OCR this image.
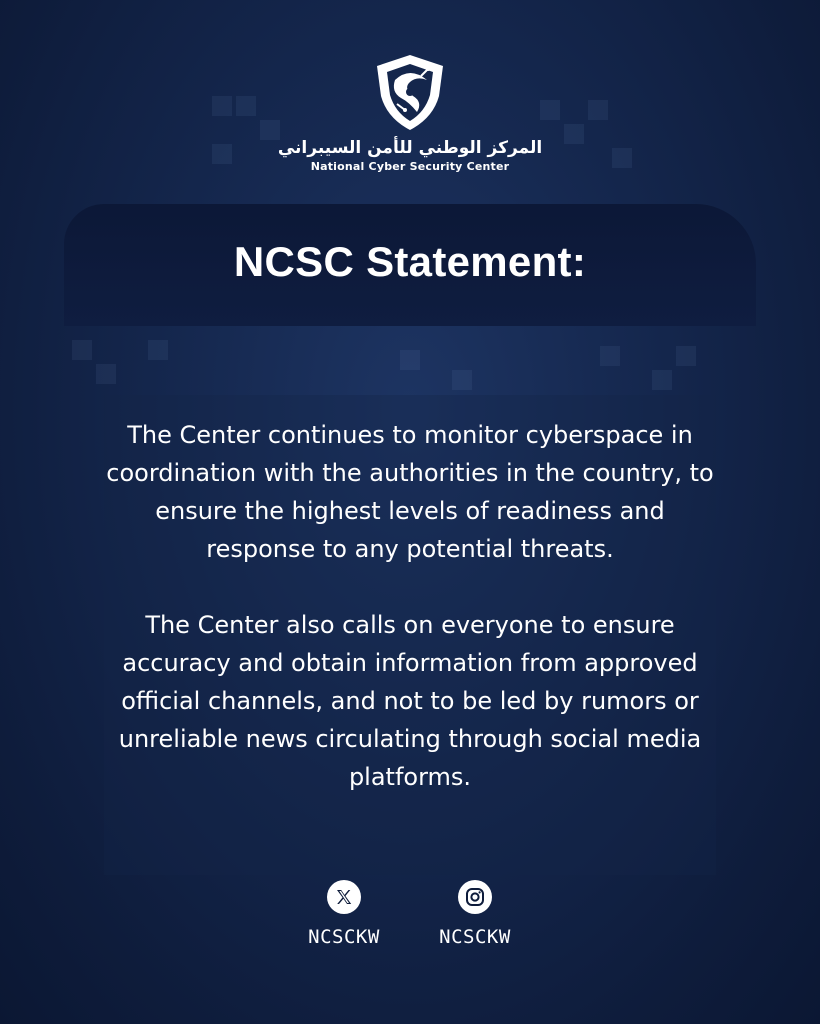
المركز الوطني للأمن السيبراني
National Cyber Security Center
NCSC Statement:

The Center continues to monitor cyberspace in coordination with the authorities in the country, to ensure the highest levels of readiness and response to any potential threats.

The Center also calls on everyone to ensure accuracy and obtain information from approved official channels, and not to be led by rumors or unreliable news circulating through social media platforms.

NCSCKW	NCSCKW
